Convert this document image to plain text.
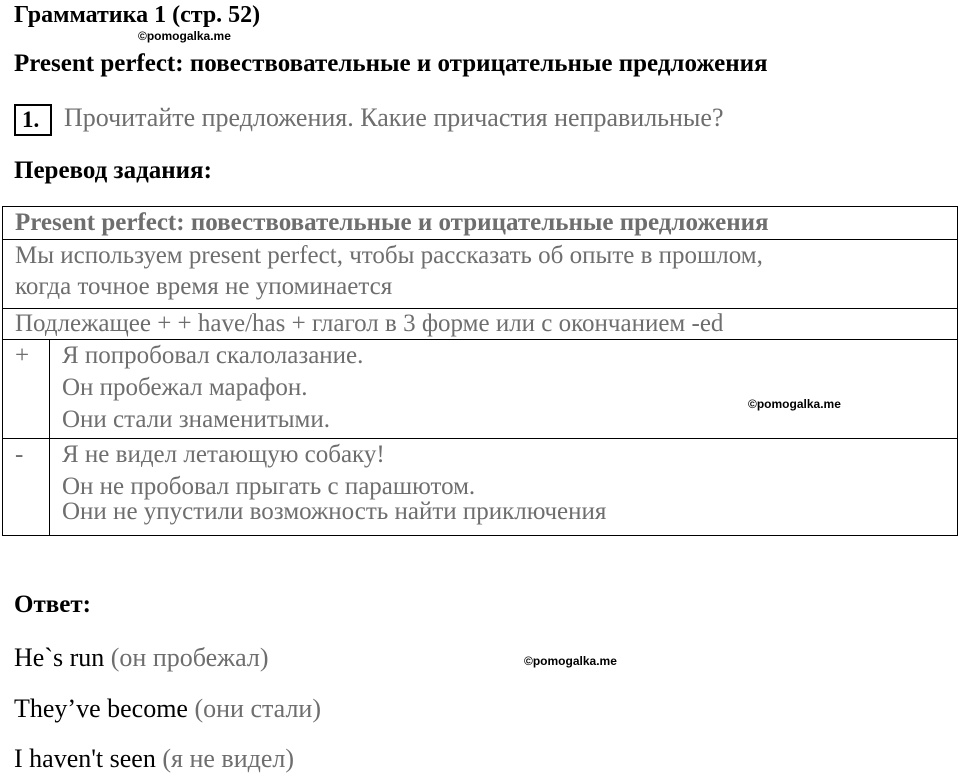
Грамматика 1 (стр. 52)
©pomogalka.me
Present perfect: повествовательные и отрицательные предложения
1. Прочитайте предложения. Какие причастия неправильные?
Перевод задания:
Present perfect: повествовательные и отрицательные предложения	

Мы используем present perfect, чтобы рассказать об опыте в прошлом,
когда точное время не упоминается	

Подлежащее + + have/has + глагол в 3 форме или с окончанием -ed	
+	Я попробовал скалолазание.
Он пробежал марафон.
Они стали знаменитыми.

-	Я не видел летающую собаку!
Он не пробовал прыгать с парашютом.
Они не упустили возможность найти приключения
©pomogalka.me
Ответ:
He`s run (он пробежал)	©pomogalka.me
They’ve become (они стали)
I haven't seen (я не видел)
